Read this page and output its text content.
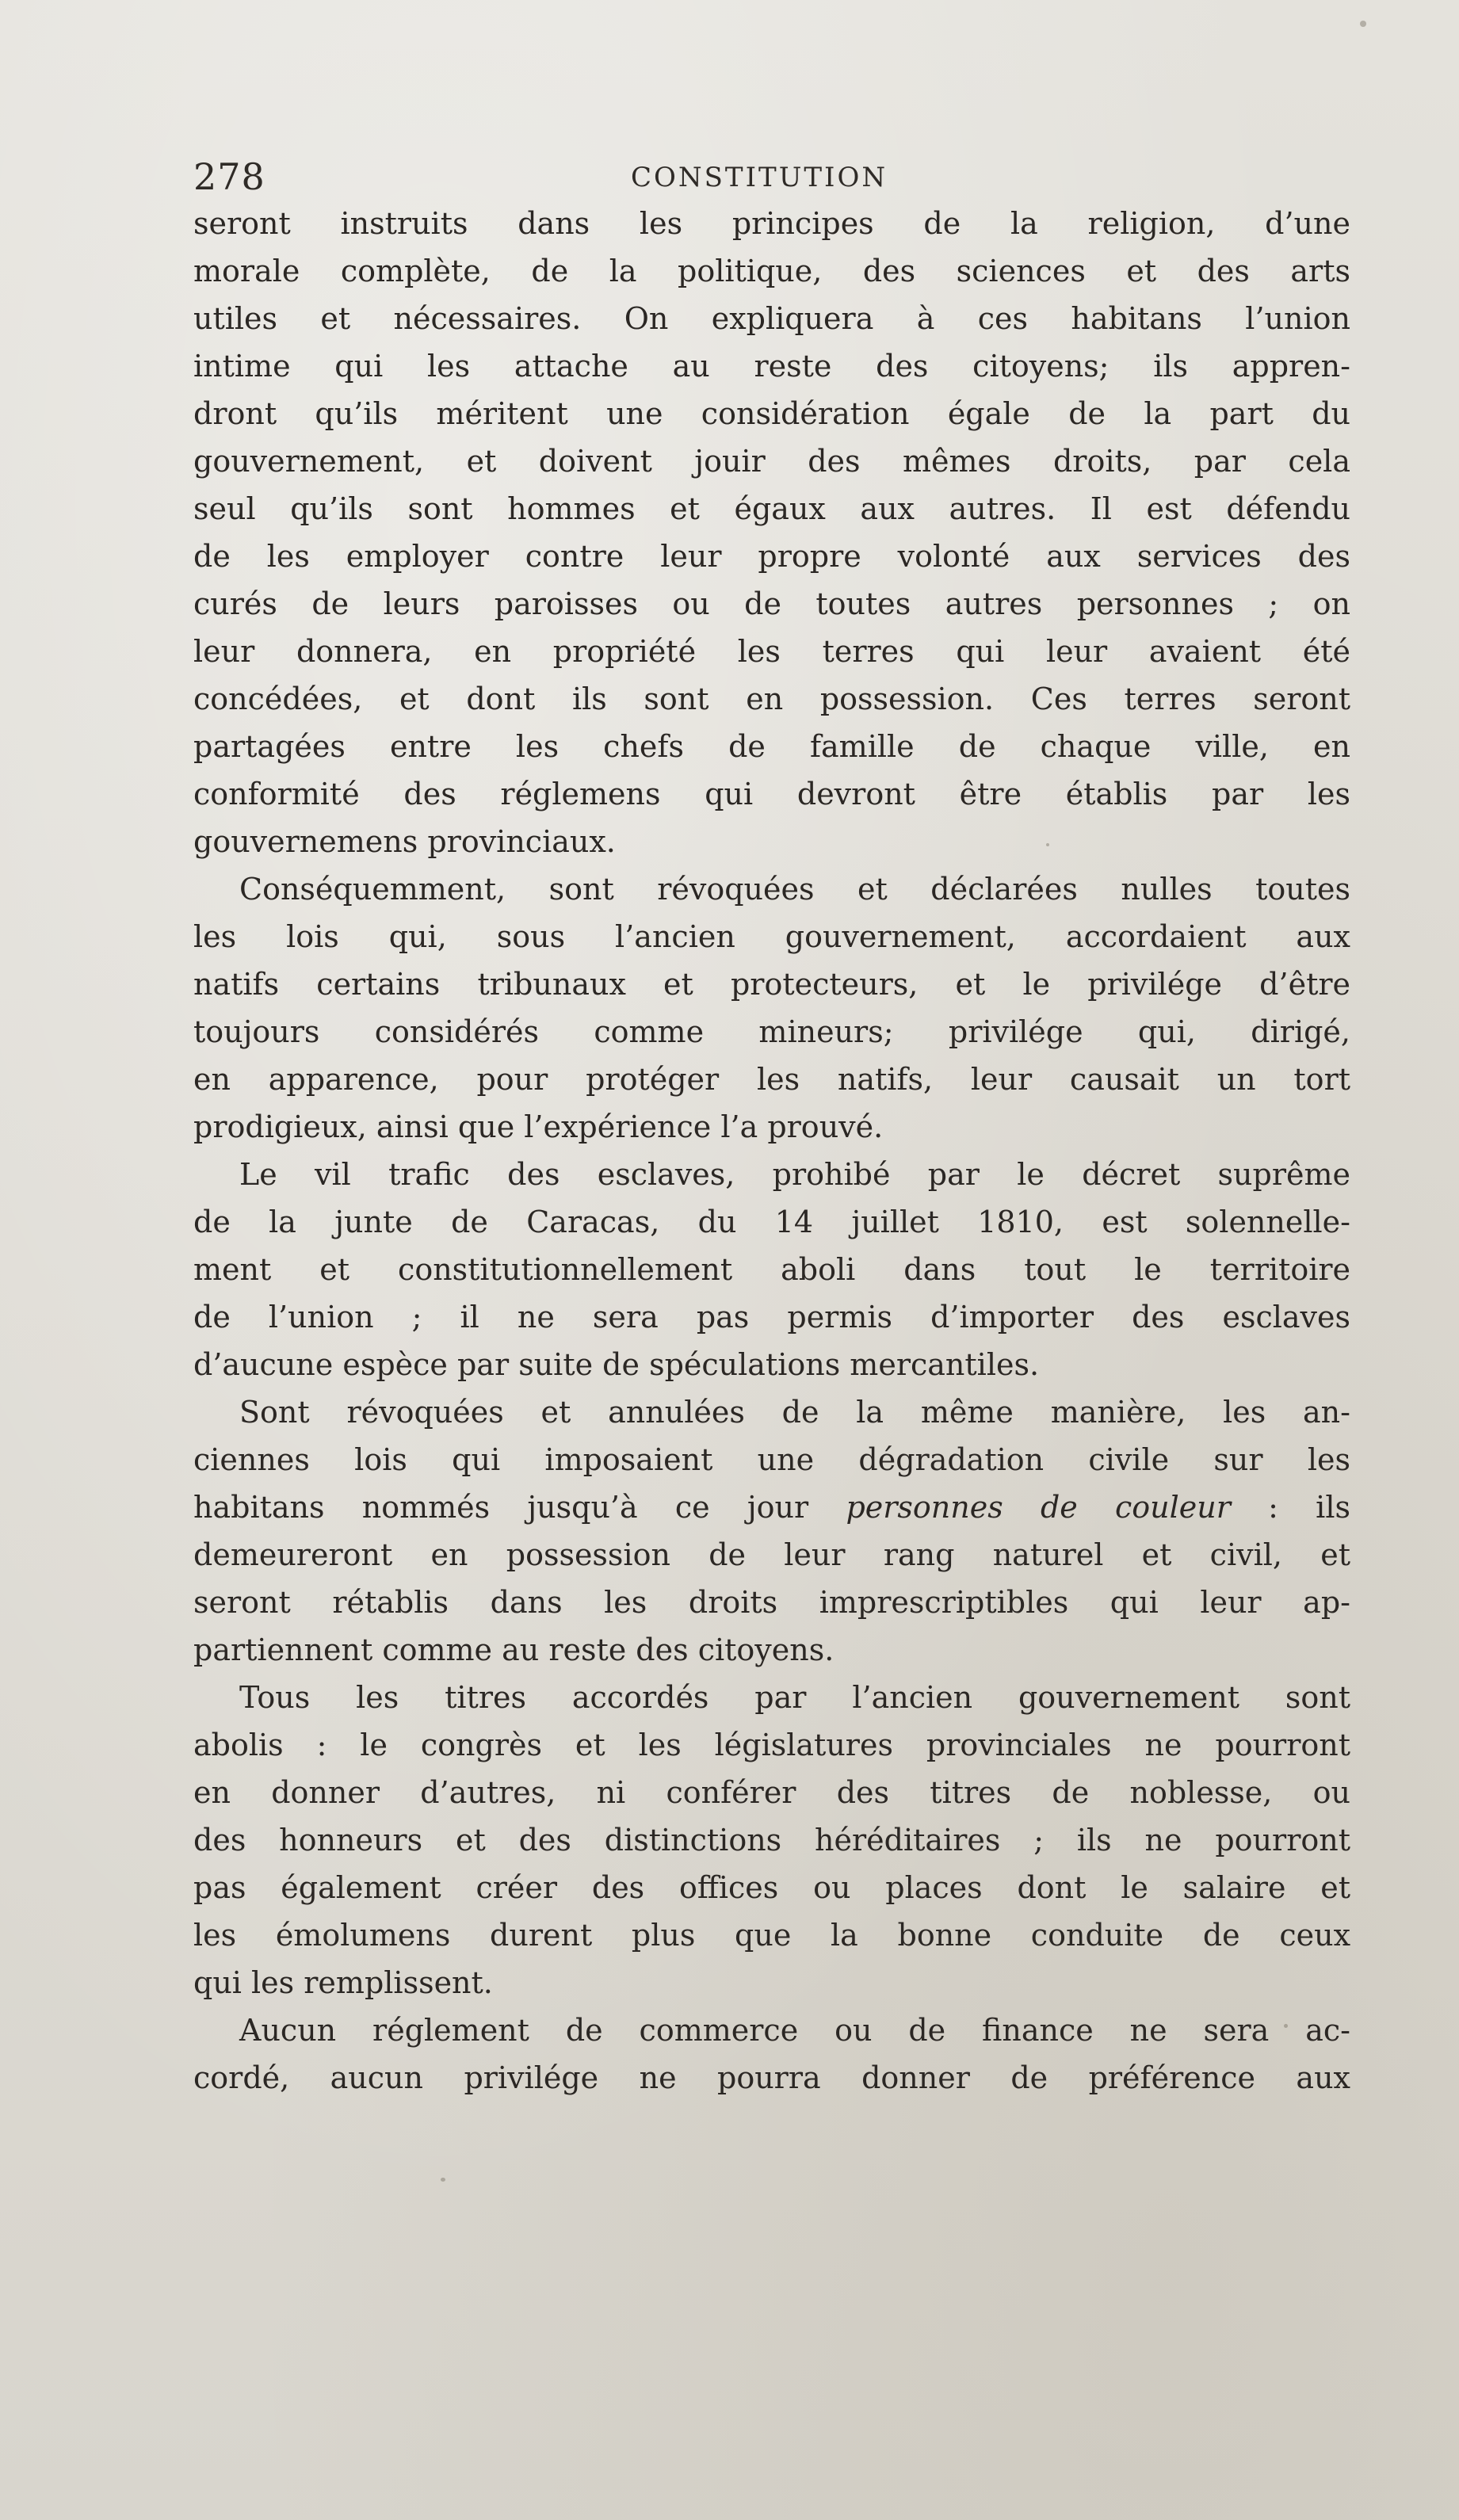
278	CONSTITUTION
seront instruits dans les principes de la religion, d’une
morale complète, de la politique, des sciences et des arts
utiles et nécessaires. On expliquera à ces habitans l’union
intime qui les attache au reste des citoyens; ils appren-
dront qu’ils méritent une considération égale de la part du
gouvernement, et doivent jouir des mêmes droits, par cela
seul qu’ils sont hommes et égaux aux autres. Il est défendu
de les employer contre leur propre volonté aux services des
curés de leurs paroisses ou de toutes autres personnes ; on
leur donnera, en propriété les terres qui leur avaient été
concédées, et dont ils sont en possession. Ces terres seront
partagées entre les chefs de famille de chaque ville, en
conformité des réglemens qui devront être établis par les
gouvernemens provinciaux.
Conséquemment, sont révoquées et déclarées nulles toutes
les lois qui, sous l’ancien gouvernement, accordaient aux
natifs certains tribunaux et protecteurs, et le privilége d’être
toujours considérés comme mineurs; privilége qui, dirigé,
en apparence, pour protéger les natifs, leur causait un tort
prodigieux, ainsi que l’expérience l’a prouvé.
Le vil trafic des esclaves, prohibé par le décret suprême
de la junte de Caracas, du 14 juillet 1810, est solennelle-
ment et constitutionnellement aboli dans tout le territoire
de l’union ; il ne sera pas permis d’importer des esclaves
d’aucune espèce par suite de spéculations mercantiles.
Sont révoquées et annulées de la même manière, les an-
ciennes lois qui imposaient une dégradation civile sur les
habitans nommés jusqu’à ce jour personnes de couleur : ils
demeureront en possession de leur rang naturel et civil, et
seront rétablis dans les droits imprescriptibles qui leur ap-
partiennent comme au reste des citoyens.
Tous les titres accordés par l’ancien gouvernement sont
abolis : le congrès et les législatures provinciales ne pourront
en donner d’autres, ni conférer des titres de noblesse, ou
des honneurs et des distinctions héréditaires ; ils ne pourront
pas également créer des offices ou places dont le salaire et
les émolumens durent plus que la bonne conduite de ceux
qui les remplissent.
Aucun réglement de commerce ou de finance ne sera ac-
cordé, aucun privilége ne pourra donner de préférence aux
